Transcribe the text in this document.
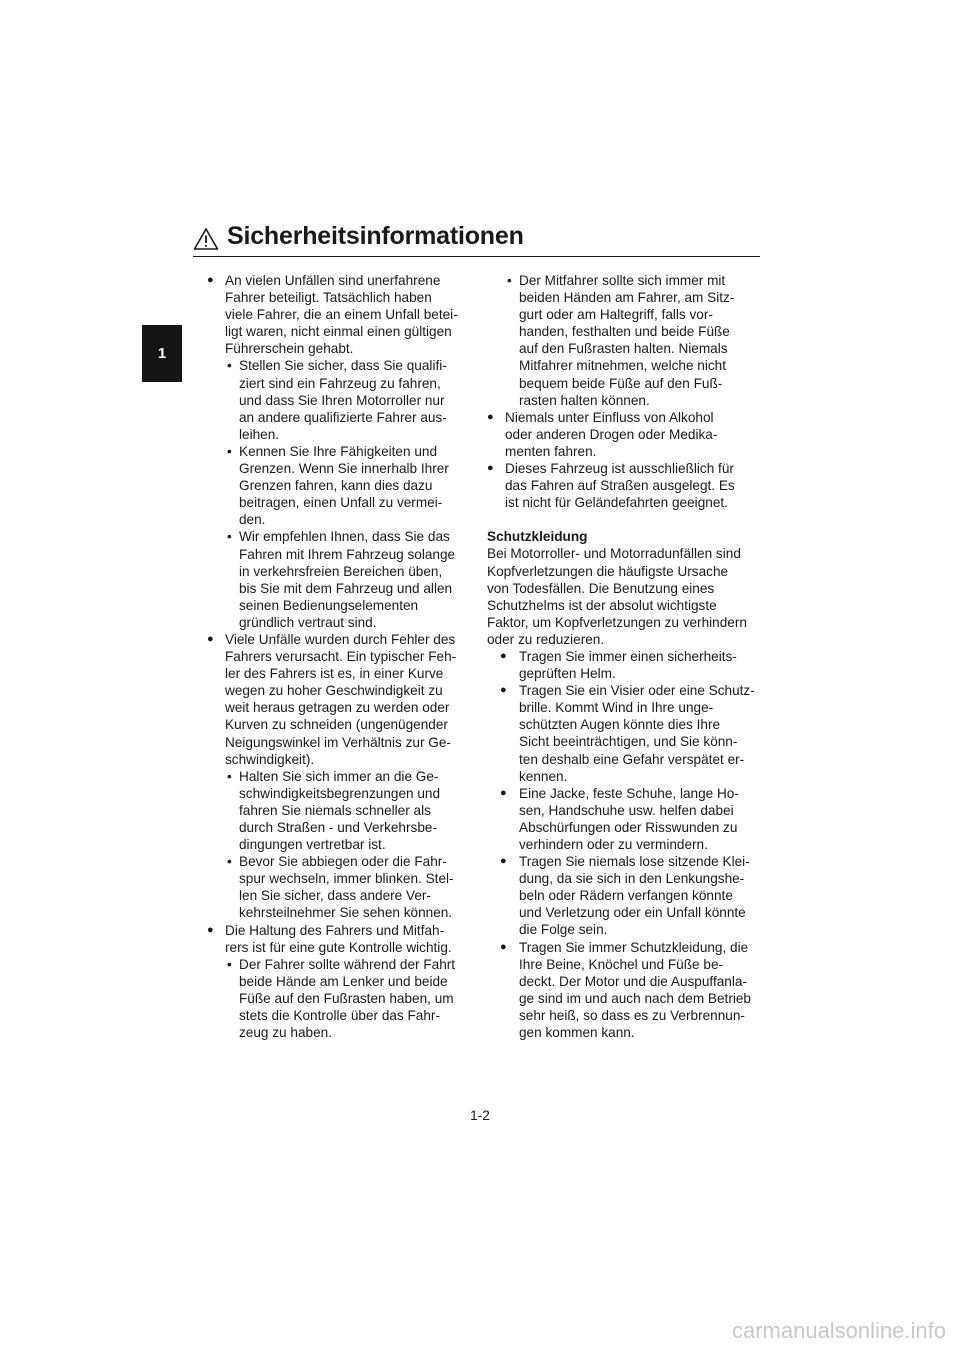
1
Sicherheitsinformationen
● An vielen Unfällen sind unerfahrene
Fahrer beteiligt. Tatsächlich haben
viele Fahrer, die an einem Unfall betei-
ligt waren, nicht einmal einen gültigen
Führerschein gehabt.
• Stellen Sie sicher, dass Sie qualifi-
ziert sind ein Fahrzeug zu fahren,
und dass Sie Ihren Motorroller nur
an andere qualifizierte Fahrer aus-
leihen.
• Kennen Sie Ihre Fähigkeiten und
Grenzen. Wenn Sie innerhalb Ihrer
Grenzen fahren, kann dies dazu
beitragen, einen Unfall zu vermei-
den.
• Wir empfehlen Ihnen, dass Sie das
Fahren mit Ihrem Fahrzeug solange
in verkehrsfreien Bereichen üben,
bis Sie mit dem Fahrzeug und allen
seinen Bedienungselementen
gründlich vertraut sind.
● Viele Unfälle wurden durch Fehler des
Fahrers verursacht. Ein typischer Feh-
ler des Fahrers ist es, in einer Kurve
wegen zu hoher Geschwindigkeit zu
weit heraus getragen zu werden oder
Kurven zu schneiden (ungenügender
Neigungswinkel im Verhältnis zur Ge-
schwindigkeit).
• Halten Sie sich immer an die Ge-
schwindigkeitsbegrenzungen und
fahren Sie niemals schneller als
durch Straßen - und Verkehrsbe-
dingungen vertretbar ist.
• Bevor Sie abbiegen oder die Fahr-
spur wechseln, immer blinken. Stel-
len Sie sicher, dass andere Ver-
kehrsteilnehmer Sie sehen können.
● Die Haltung des Fahrers und Mitfah-
rers ist für eine gute Kontrolle wichtig.
• Der Fahrer sollte während der Fahrt
beide Hände am Lenker und beide
Füße auf den Fußrasten haben, um
stets die Kontrolle über das Fahr-
zeug zu haben.
• Der Mitfahrer sollte sich immer mit
beiden Händen am Fahrer, am Sitz-
gurt oder am Haltegriff, falls vor-
handen, festhalten und beide Füße
auf den Fußrasten halten. Niemals
Mitfahrer mitnehmen, welche nicht
bequem beide Füße auf den Fuß-
rasten halten können.
● Niemals unter Einfluss von Alkohol
oder anderen Drogen oder Medika-
menten fahren.
● Dieses Fahrzeug ist ausschließlich für
das Fahren auf Straßen ausgelegt. Es
ist nicht für Geländefahrten geeignet.
Schutzkleidung
Bei Motorroller- und Motorradunfällen sind
Kopfverletzungen die häufigste Ursache
von Todesfällen. Die Benutzung eines
Schutzhelms ist der absolut wichtigste
Faktor, um Kopfverletzungen zu verhindern
oder zu reduzieren.
● Tragen Sie immer einen sicherheits-
geprüften Helm.
● Tragen Sie ein Visier oder eine Schutz-
brille. Kommt Wind in Ihre unge-
schützten Augen könnte dies Ihre
Sicht beeinträchtigen, und Sie könn-
ten deshalb eine Gefahr verspätet er-
kennen.
● Eine Jacke, feste Schuhe, lange Ho-
sen, Handschuhe usw. helfen dabei
Abschürfungen oder Risswunden zu
verhindern oder zu vermindern.
● Tragen Sie niemals lose sitzende Klei-
dung, da sie sich in den Lenkungshe-
beln oder Rädern verfangen könnte
und Verletzung oder ein Unfall könnte
die Folge sein.
● Tragen Sie immer Schutzkleidung, die
Ihre Beine, Knöchel und Füße be-
deckt. Der Motor und die Auspuffanla-
ge sind im und auch nach dem Betrieb
sehr heiß, so dass es zu Verbrennun-
gen kommen kann.
1-2
carmanualsonline.info
